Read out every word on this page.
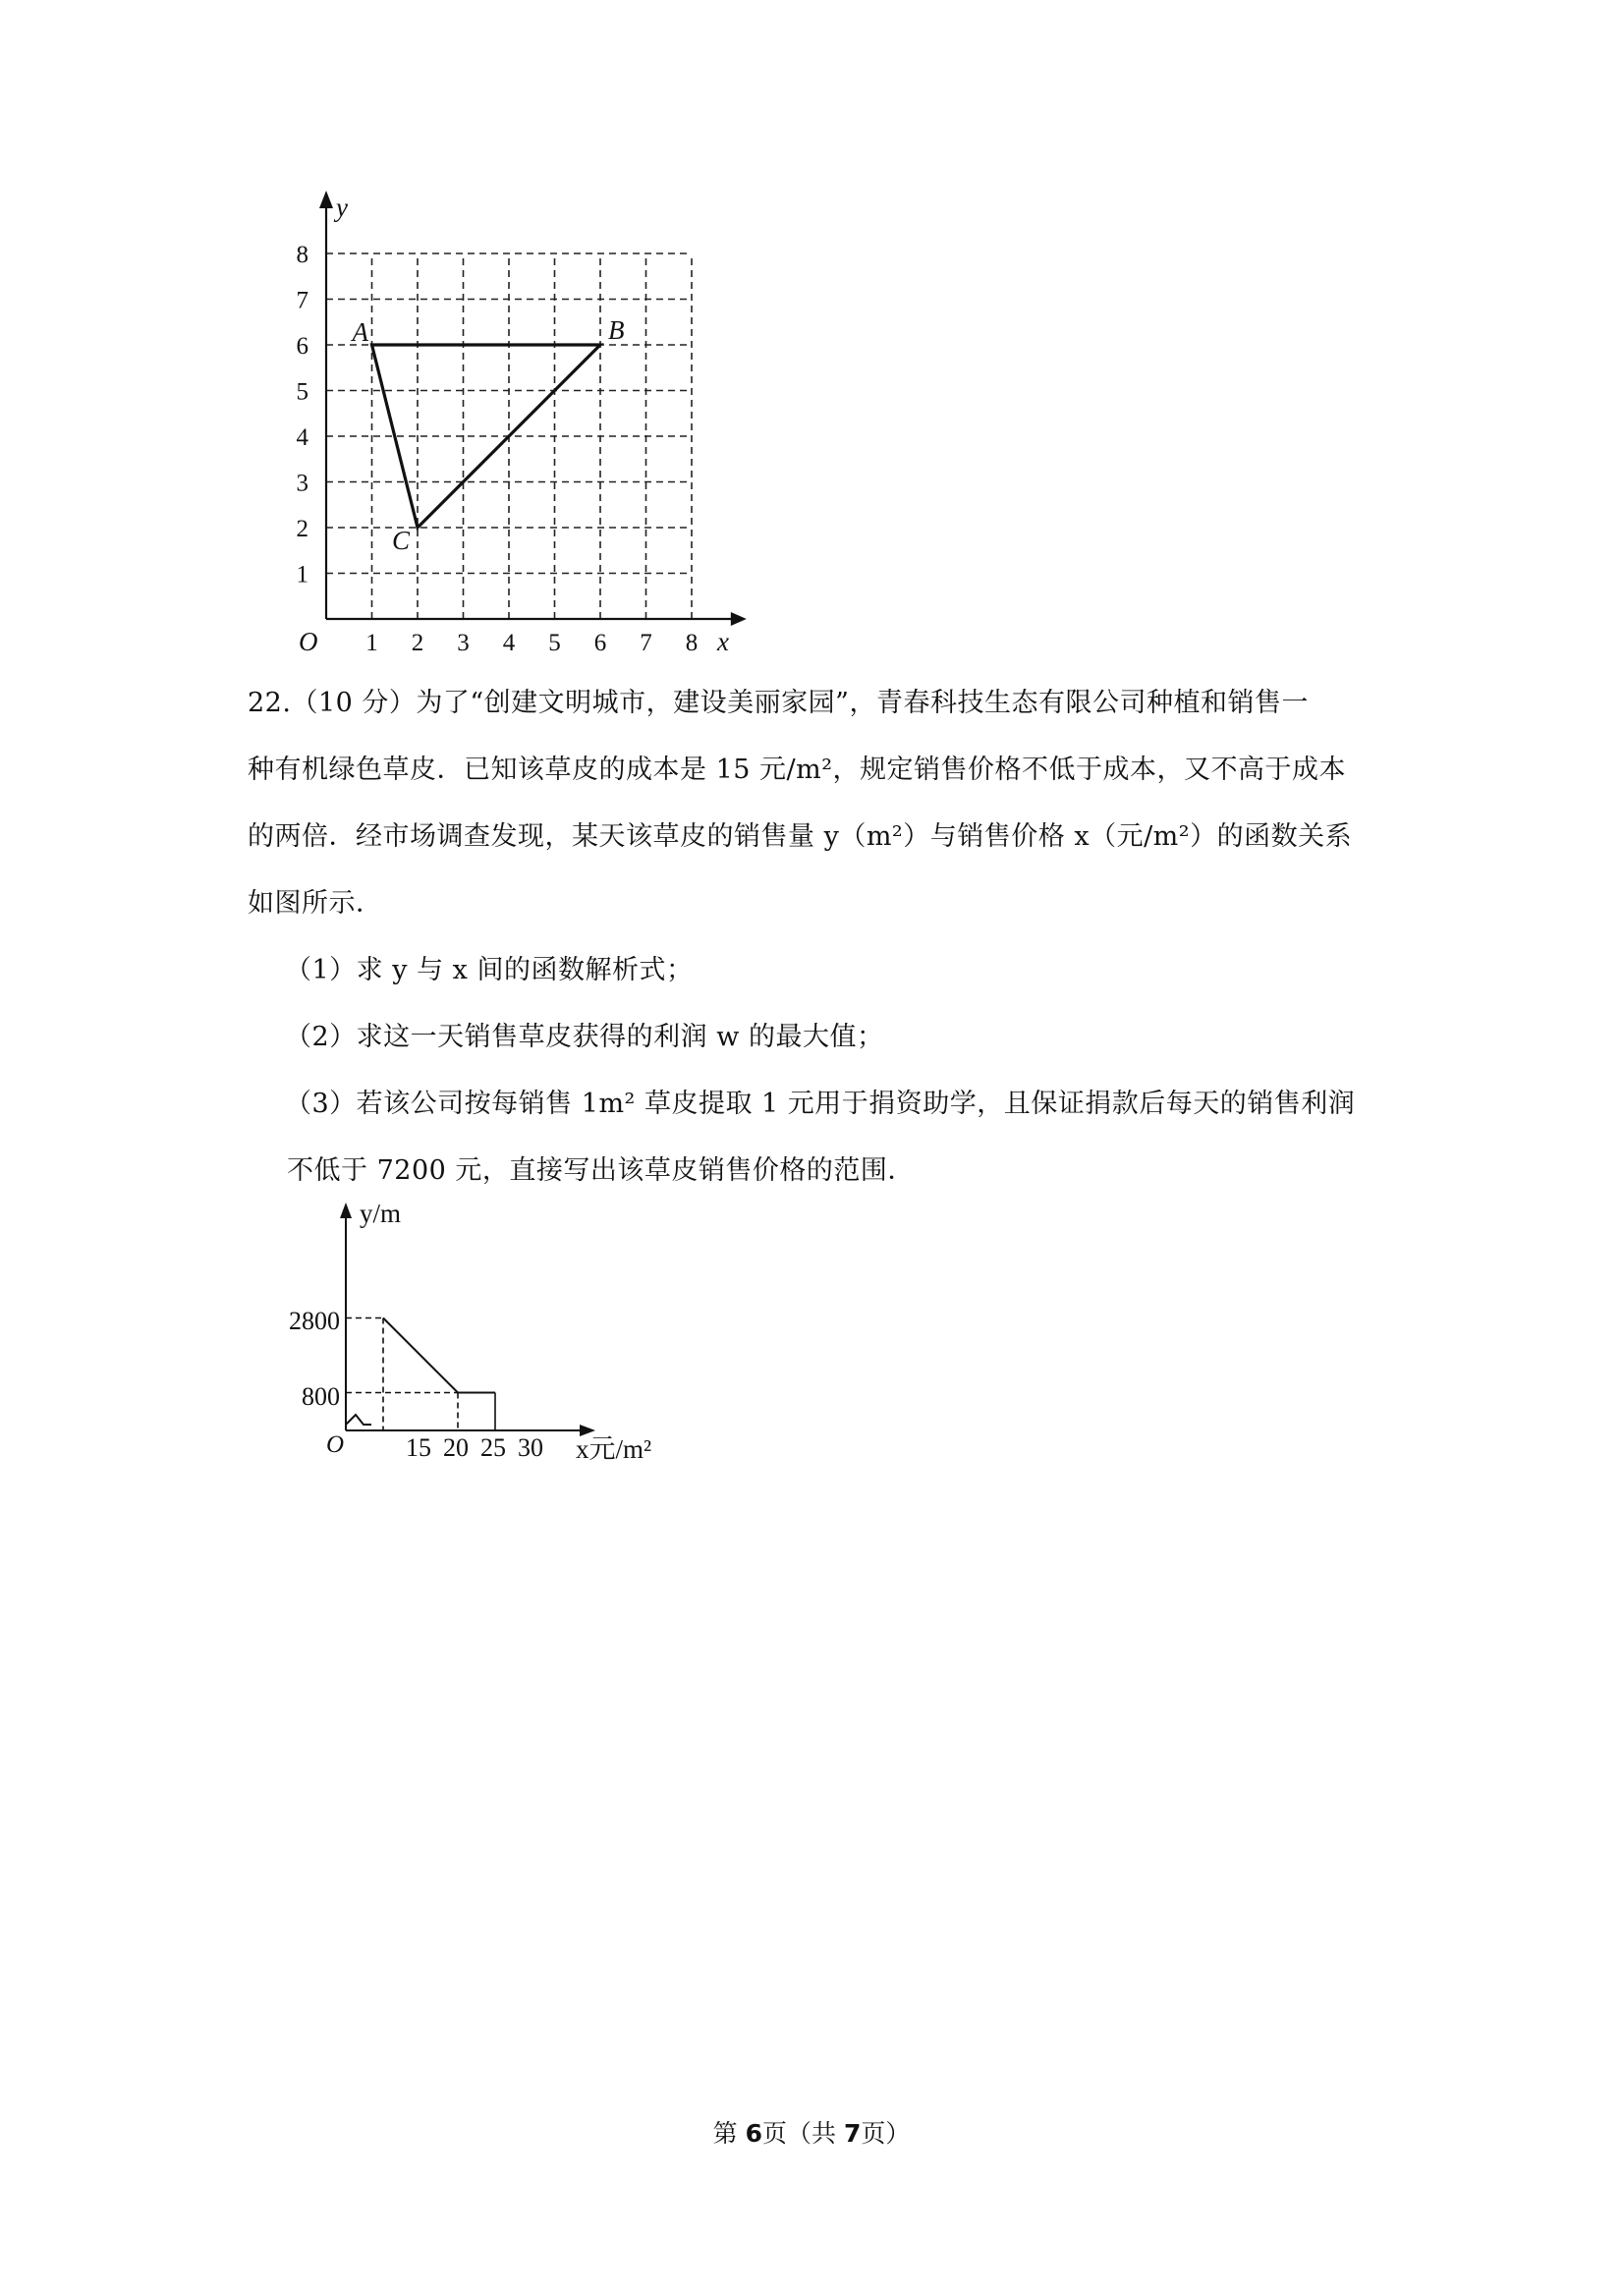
1 2 3 4 5 6 7 8
1
2
3
4
5
6
7
8
A	B
C
y
x
O
22.（10 分）为了“创建文明城市，建设美丽家园”，青春科技生态有限公司种植和销售一
种有机绿色草皮．已知该草皮的成本是 15 元/m²，规定销售价格不低于成本，又不高于成本
的两倍．经市场调查发现，某天该草皮的销售量 y（m²）与销售价格 x（元/m²）的函数关系
如图所示．
（1）求 y 与 x 间的函数解析式；
（2）求这一天销售草皮获得的利润 w 的最大值；
（3）若该公司按每销售 1m² 草皮提取 1 元用于捐资助学，且保证捐款后每天的销售利润
不低于 7200 元，直接写出该草皮销售价格的范围．
y/m
x元/m²
O
2800
800
15 20 25 30
第 6页（共 7页）
